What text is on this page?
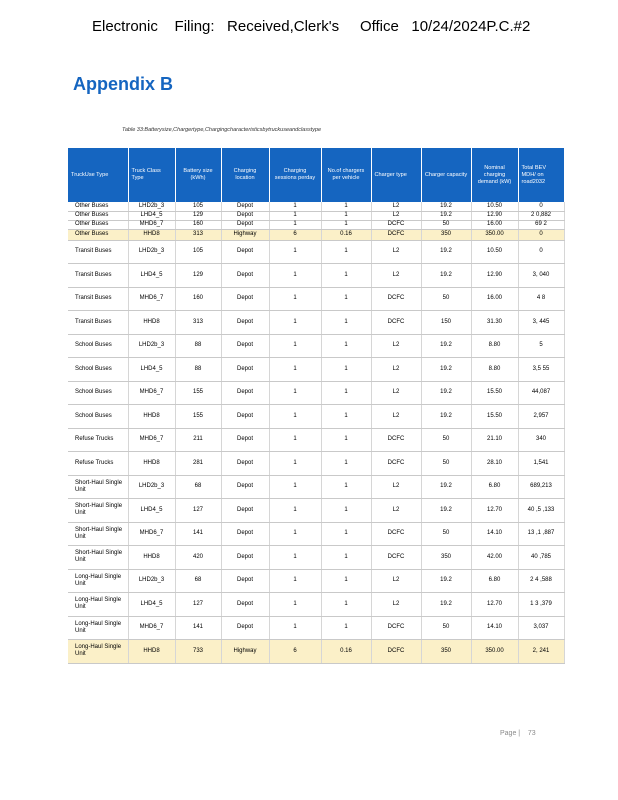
Electronic    Filing:   Received,Clerk's     Office   10/24/2024P.C.#2
Appendix B
Table 33:Batterysize,Chargertype,Chargingcharacteristicsbytruckuseandclasstype
TruckUse Type	Truck Class Type	Battery size (kWh)	Charging location	Charging sessions perday	No.of chargers per vehicle	Charger type	Charger capacity	Nominal charging demand (kW)	Total BEV MDH/ on road2032
Other Buses	LHD2b_3	105	Depot	1	1	L2	19.2	10.50	0
Other Buses	LHD4_5	129	Depot	1	1	L2	19.2	12.90	2 0,882
Other Buses	MHD6_7	160	Depot	1	1	DCFC	50	16.00	69 2
Other Buses	HHD8	313	Highway	6	0.16	DCFC	350	350.00	0
Transit Buses	LHD2b_3	105	Depot	1	1	L2	19.2	10.50	0
Transit Buses	LHD4_5	129	Depot	1	1	L2	19.2	12.90	3, 040
Transit Buses	MHD6_7	160	Depot	1	1	DCFC	50	16.00	4 8
Transit Buses	HHD8	313	Depot	1	1	DCFC	150	31.30	3, 445
School Buses	LHD2b_3	88	Depot	1	1	L2	19.2	8.80	5
School Buses	LHD4_5	88	Depot	1	1	L2	19.2	8.80	3,5 55
School Buses	MHD6_7	155	Depot	1	1	L2	19.2	15.50	44,087
School Buses	HHD8	155	Depot	1	1	L2	19.2	15.50	2,957
Refuse Trucks	MHD6_7	211	Depot	1	1	DCFC	50	21.10	340
Refuse Trucks	HHD8	281	Depot	1	1	DCFC	50	28.10	1,541
Short-Haul Single Unit	LHD2b_3	68	Depot	1	1	L2	19.2	6.80	689,213
Short-Haul Single Unit	LHD4_5	127	Depot	1	1	L2	19.2	12.70	40 ,5 ,133
Short-Haul Single Unit	MHD6_7	141	Depot	1	1	DCFC	50	14.10	13 ,1 ,887
Short-Haul Single Unit	HHD8	420	Depot	1	1	DCFC	350	42.00	40 ,785
Long-Haul Single Unit	LHD2b_3	68	Depot	1	1	L2	19.2	6.80	2 4 ,588
Long-Haul Single Unit	LHD4_5	127	Depot	1	1	L2	19.2	12.70	1 3 ,379
Long-Haul Single Unit	MHD6_7	141	Depot	1	1	DCFC	50	14.10	3,037
Long-Haul Single Unit	HHD8	733	Highway	6	0.16	DCFC	350	350.00	2, 241
Page | 73
